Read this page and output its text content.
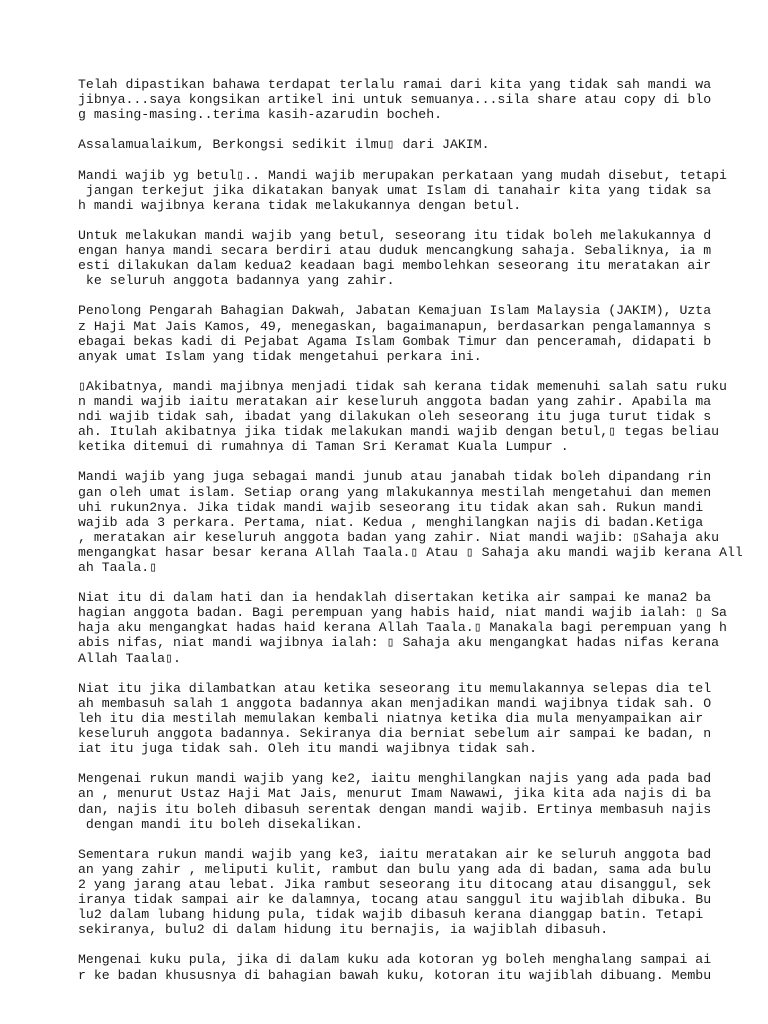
Telah dipastikan bahawa terdapat terlalu ramai dari kita yang tidak sah mandi wa
jibnya...saya kongsikan artikel ini untuk semuanya...sila share atau copy di blo
g masing-masing..terima kasih-azarudin bocheh.
Assalamualaikum, Berkongsi sedikit ilmu▯ dari JAKIM.
Mandi wajib yg betul▯.. Mandi wajib merupakan perkataan yang mudah disebut, tetapi
jangan terkejut jika dikatakan banyak umat Islam di tanahair kita yang tidak sa
h mandi wajibnya kerana tidak melakukannya dengan betul.
Untuk melakukan mandi wajib yang betul, seseorang itu tidak boleh melakukannya d
engan hanya mandi secara berdiri atau duduk mencangkung sahaja. Sebaliknya, ia m
esti dilakukan dalam kedua2 keadaan bagi membolehkan seseorang itu meratakan air
ke seluruh anggota badannya yang zahir.
Penolong Pengarah Bahagian Dakwah, Jabatan Kemajuan Islam Malaysia (JAKIM), Uzta
z Haji Mat Jais Kamos, 49, menegaskan, bagaimanapun, berdasarkan pengalamannya s
ebagai bekas kadi di Pejabat Agama Islam Gombak Timur dan penceramah, didapati b
anyak umat Islam yang tidak mengetahui perkara ini.
▯Akibatnya, mandi majibnya menjadi tidak sah kerana tidak memenuhi salah satu ruku
n mandi wajib iaitu meratakan air keseluruh anggota badan yang zahir. Apabila ma
ndi wajib tidak sah, ibadat yang dilakukan oleh seseorang itu juga turut tidak s
ah. Itulah akibatnya jika tidak melakukan mandi wajib dengan betul,▯ tegas beliau
ketika ditemui di rumahnya di Taman Sri Keramat Kuala Lumpur .
Mandi wajib yang juga sebagai mandi junub atau janabah tidak boleh dipandang rin
gan oleh umat islam. Setiap orang yang mlakukannya mestilah mengetahui dan memen
uhi rukun2nya. Jika tidak mandi wajib seseorang itu tidak akan sah. Rukun mandi
wajib ada 3 perkara. Pertama, niat. Kedua , menghilangkan najis di badan.Ketiga
, meratakan air keseluruh anggota badan yang zahir. Niat mandi wajib: ▯Sahaja aku
mengangkat hasar besar kerana Allah Taala.▯ Atau ▯ Sahaja aku mandi wajib kerana All
ah Taala.▯
Niat itu di dalam hati dan ia hendaklah disertakan ketika air sampai ke mana2 ba
hagian anggota badan. Bagi perempuan yang habis haid, niat mandi wajib ialah: ▯ Sa
haja aku mengangkat hadas haid kerana Allah Taala.▯ Manakala bagi perempuan yang h
abis nifas, niat mandi wajibnya ialah: ▯ Sahaja aku mengangkat hadas nifas kerana
Allah Taala▯.
Niat itu jika dilambatkan atau ketika seseorang itu memulakannya selepas dia tel
ah membasuh salah 1 anggota badannya akan menjadikan mandi wajibnya tidak sah. O
leh itu dia mestilah memulakan kembali niatnya ketika dia mula menyampaikan air
keseluruh anggota badannya. Sekiranya dia berniat sebelum air sampai ke badan, n
iat itu juga tidak sah. Oleh itu mandi wajibnya tidak sah.
Mengenai rukun mandi wajib yang ke2, iaitu menghilangkan najis yang ada pada bad
an , menurut Ustaz Haji Mat Jais, menurut Imam Nawawi, jika kita ada najis di ba
dan, najis itu boleh dibasuh serentak dengan mandi wajib. Ertinya membasuh najis
dengan mandi itu boleh disekalikan.
Sementara rukun mandi wajib yang ke3, iaitu meratakan air ke seluruh anggota bad
an yang zahir , meliputi kulit, rambut dan bulu yang ada di badan, sama ada bulu
2 yang jarang atau lebat. Jika rambut seseorang itu ditocang atau disanggul, sek
iranya tidak sampai air ke dalamnya, tocang atau sanggul itu wajiblah dibuka. Bu
lu2 dalam lubang hidung pula, tidak wajib dibasuh kerana dianggap batin. Tetapi
sekiranya, bulu2 di dalam hidung itu bernajis, ia wajiblah dibasuh.
Mengenai kuku pula, jika di dalam kuku ada kotoran yg boleh menghalang sampai ai
r ke badan khususnya di bahagian bawah kuku, kotoran itu wajiblah dibuang. Membu
